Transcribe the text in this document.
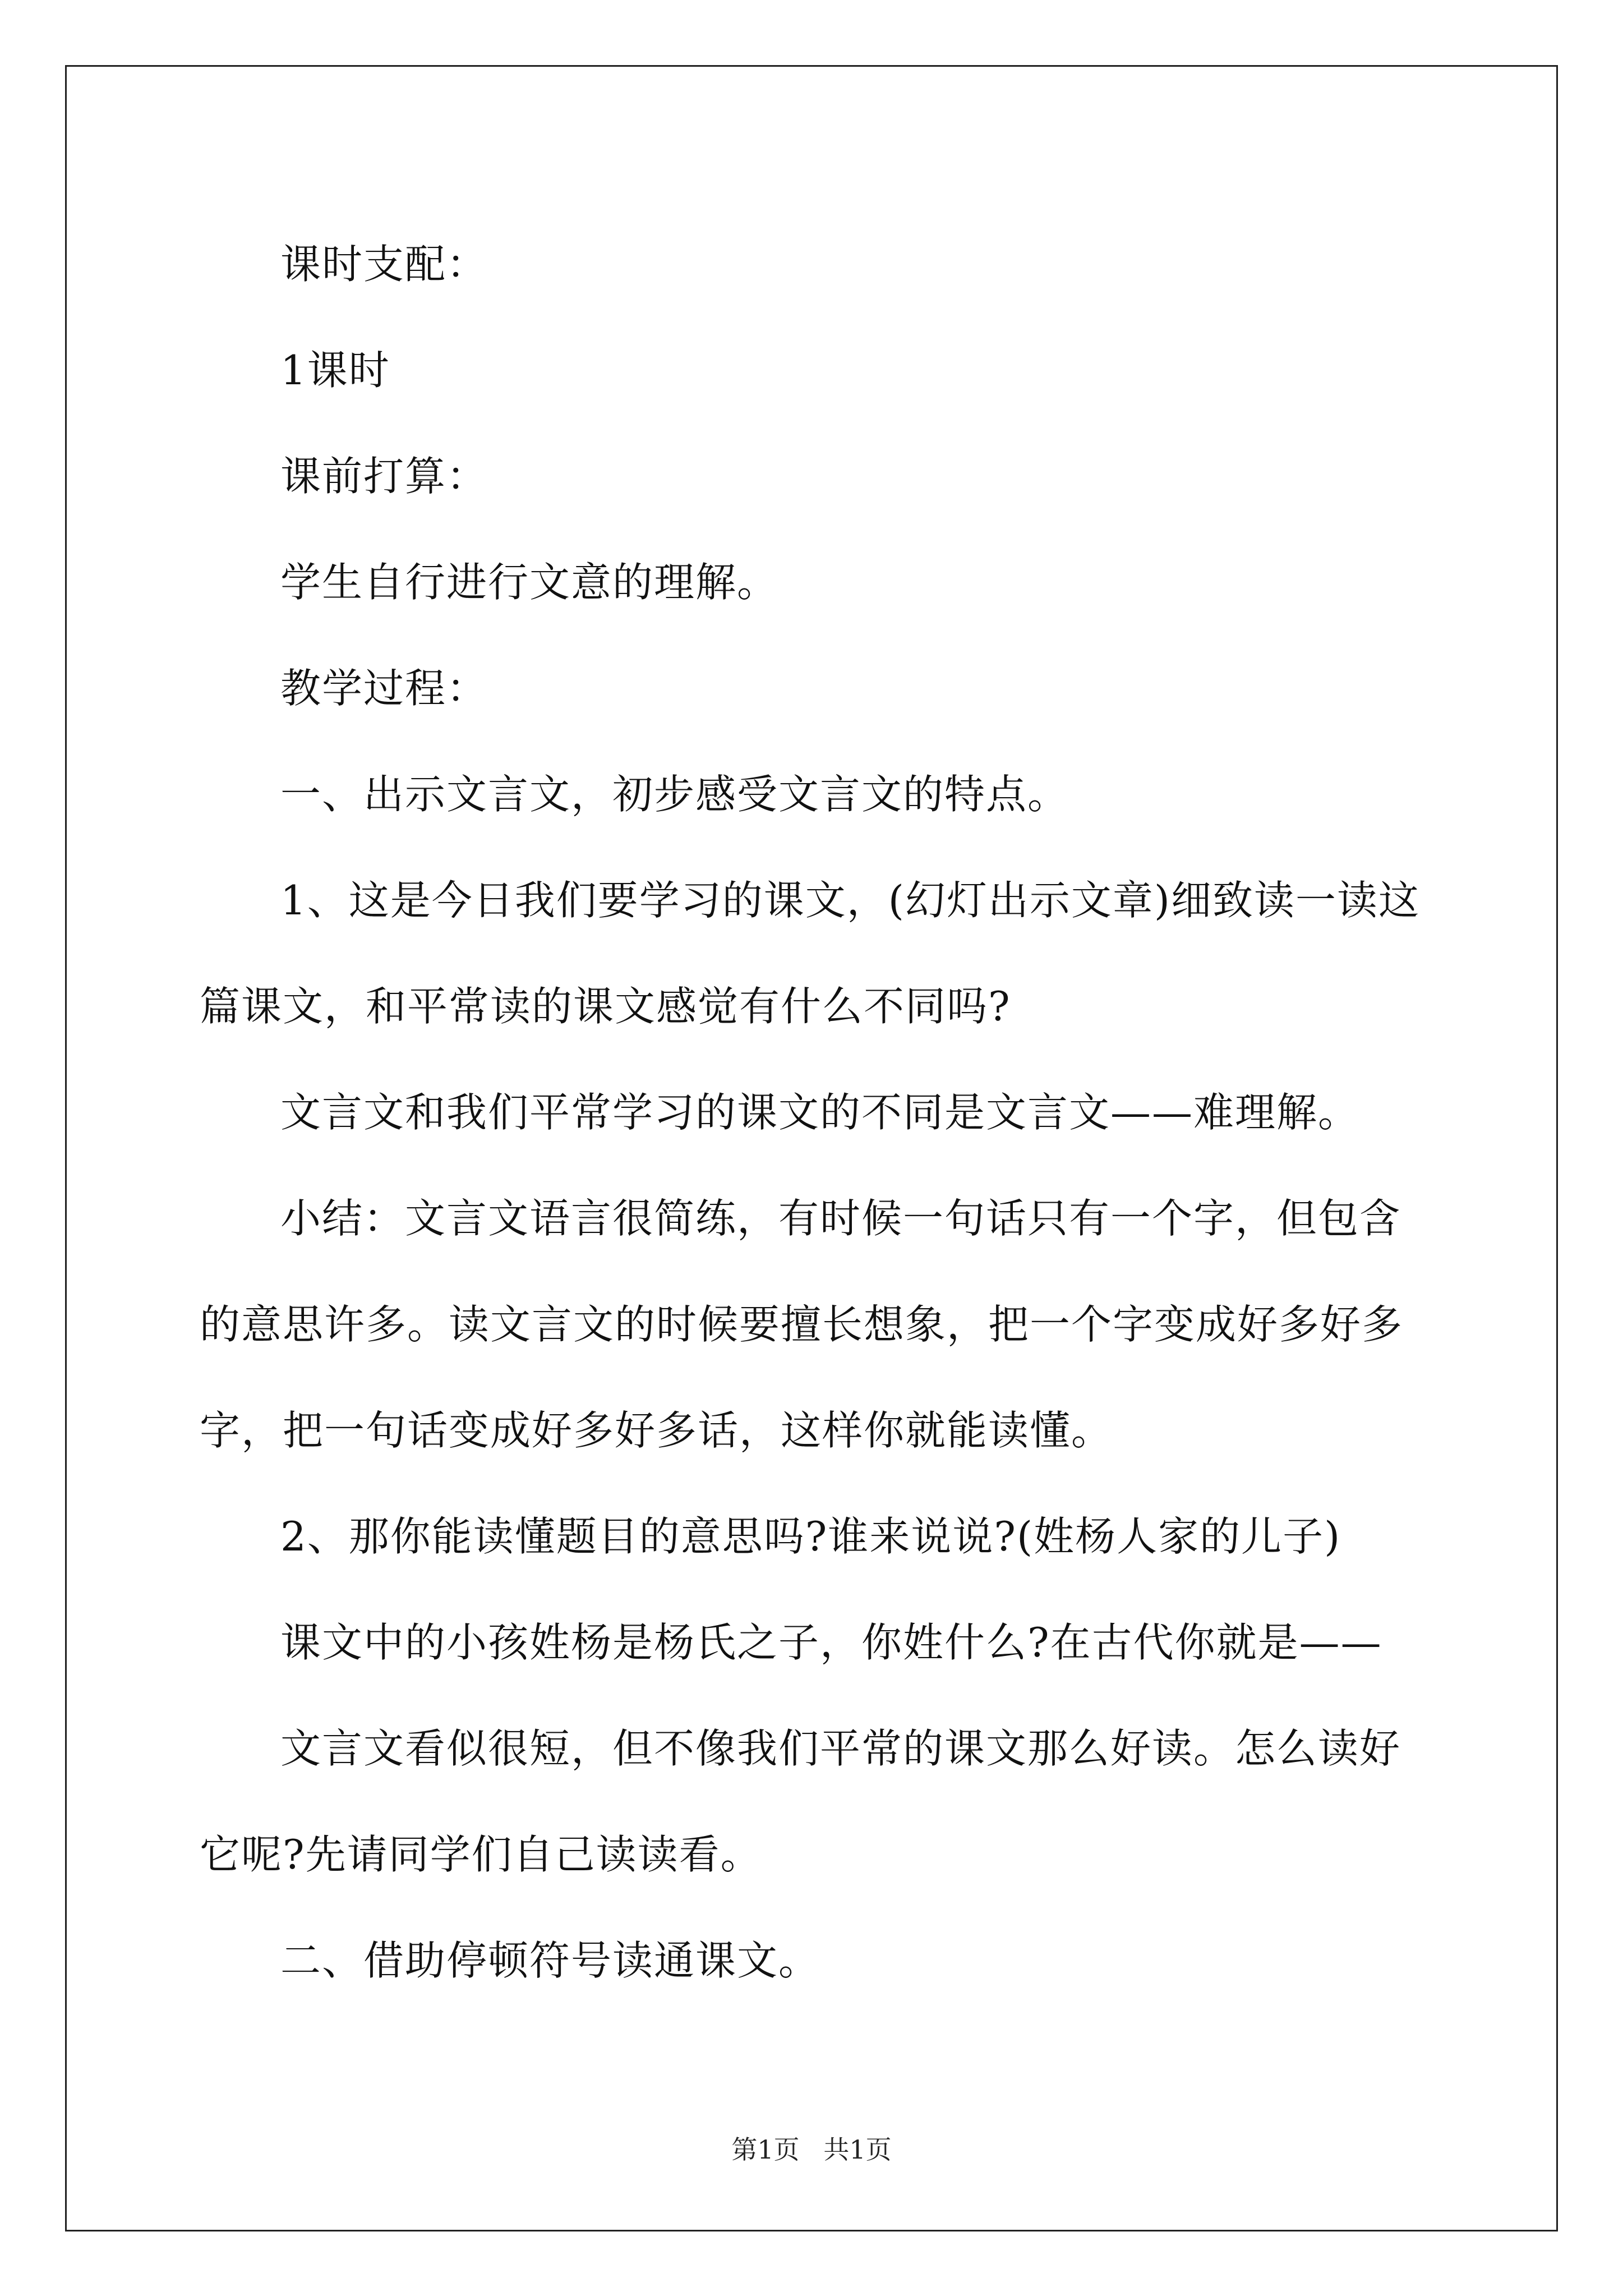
课时支配：

1课时

课前打算：

学生自行进行文意的理解。

教学过程：

一、出示文言文，初步感受文言文的特点。

1、这是今日我们要学习的课文，(幻灯出示文章)细致读一读这篇课文，和平常读的课文感觉有什么不同吗?

文言文和我们平常学习的课文的不同是文言文——难理解。

小结：文言文语言很简练，有时候一句话只有一个字，但包含的意思许多。读文言文的时候要擅长想象，把一个字变成好多好多字，把一句话变成好多好多话，这样你就能读懂。

2、那你能读懂题目的意思吗?谁来说说?(姓杨人家的儿子)

课文中的小孩姓杨是杨氏之子，你姓什么?在古代你就是——

文言文看似很短，但不像我们平常的课文那么好读。怎么读好它呢?先请同学们自己读读看。

二、借助停顿符号读通课文。

第1页 共1页
